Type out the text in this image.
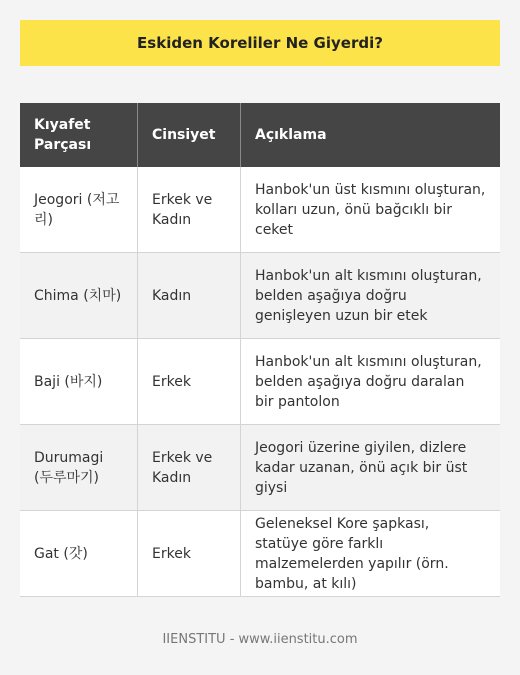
Eskiden Koreliler Ne Giyerdi?
Kıyafet Parçası	Cinsiyet	Açıklama
Jeogori (저고리)	Erkek ve Kadın	Hanbok'un üst kısmını oluşturan, kolları uzun, önü bağcıklı bir ceket
Chima (치마)	Kadın	Hanbok'un alt kısmını oluşturan, belden aşağıya doğru genişleyen uzun bir etek
Baji (바지)	Erkek	Hanbok'un alt kısmını oluşturan, belden aşağıya doğru daralan bir pantolon
Durumagi (두루마기)	Erkek ve Kadın	Jeogori üzerine giyilen, dizlere kadar uzanan, önü açık bir üst giysi
Gat (갓)	Erkek	Geleneksel Kore şapkası, statüye göre farklı malzemelerden yapılır (örn. bambu, at kılı)
IIENSTITU - www.iienstitu.com
